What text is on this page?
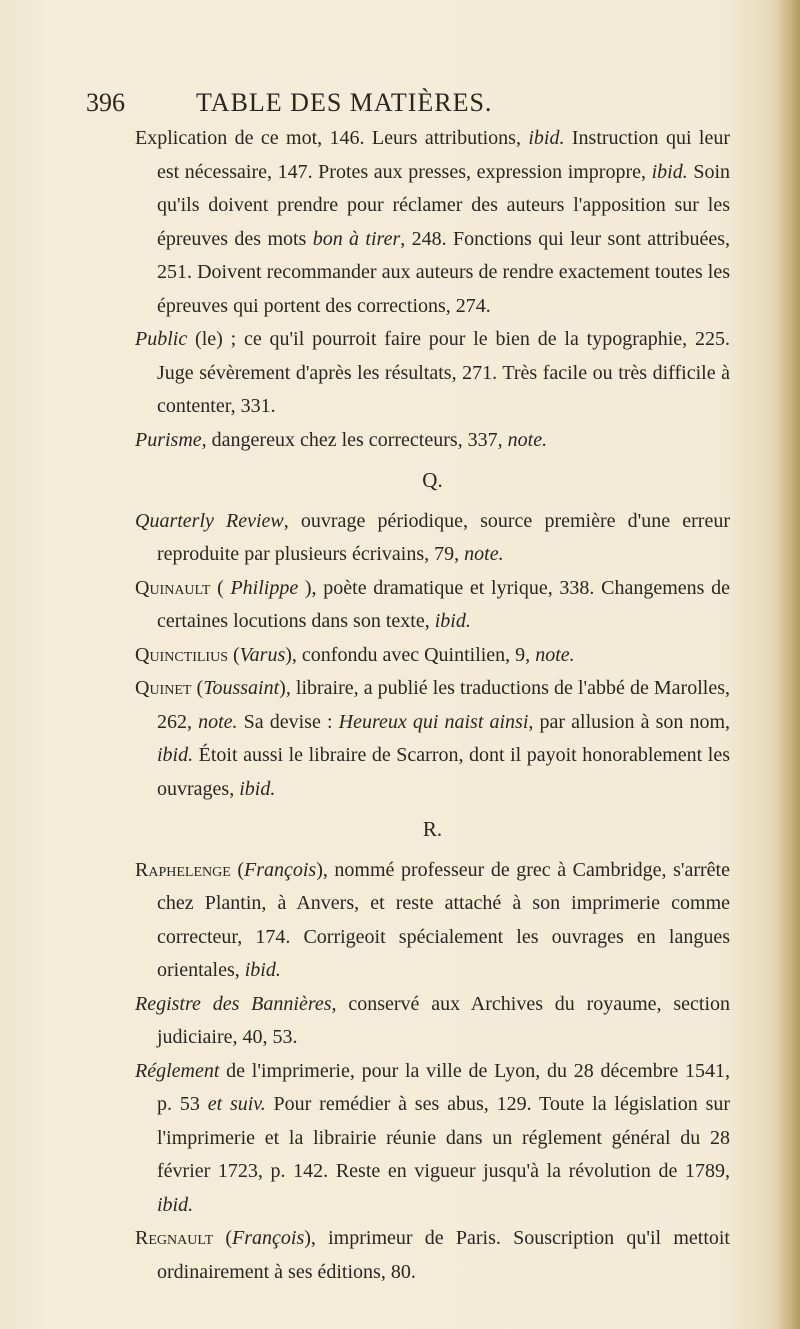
396	TABLE DES MATIÈRES.

Explication de ce mot, 146. Leurs attributions, ibid. Instruction qui leur est nécessaire, 147. Protes aux presses, expression impropre, ibid. Soin qu'ils doivent prendre pour réclamer des auteurs l'apposition sur les épreuves des mots bon à tirer, 248. Fonctions qui leur sont attribuées, 251. Doivent recommander aux auteurs de rendre exactement toutes les épreuves qui portent des corrections, 274.

Public (le) ; ce qu'il pourroit faire pour le bien de la typographie, 225. Juge sévèrement d'après les résultats, 271. Très facile ou très difficile à contenter, 331.

Purisme, dangereux chez les correcteurs, 337, note.

Q.

Quarterly Review, ouvrage périodique, source première d'une erreur reproduite par plusieurs écrivains, 79, note.

Quinault ( Philippe ), poète dramatique et lyrique, 338. Changemens de certaines locutions dans son texte, ibid.

Quinctilius (Varus), confondu avec Quintilien, 9, note.

Quinet (Toussaint), libraire, a publié les traductions de l'abbé de Marolles, 262, note. Sa devise : Heureux qui naist ainsi, par allusion à son nom, ibid. Étoit aussi le libraire de Scarron, dont il payoit honorablement les ouvrages, ibid.

R.

Raphelenge (François), nommé professeur de grec à Cambridge, s'arrête chez Plantin, à Anvers, et reste attaché à son imprimerie comme correcteur, 174. Corrigeoit spécialement les ouvrages en langues orientales, ibid.

Registre des Bannières, conservé aux Archives du royaume, section judiciaire, 40, 53.

Réglement de l'imprimerie, pour la ville de Lyon, du 28 décembre 1541, p. 53 et suiv. Pour remédier à ses abus, 129. Toute la législation sur l'imprimerie et la librairie réunie dans un réglement général du 28 février 1723, p. 142. Reste en vigueur jusqu'à la révolution de 1789, ibid.

Regnault (François), imprimeur de Paris. Souscription qu'il mettoit ordinairement à ses éditions, 80.
